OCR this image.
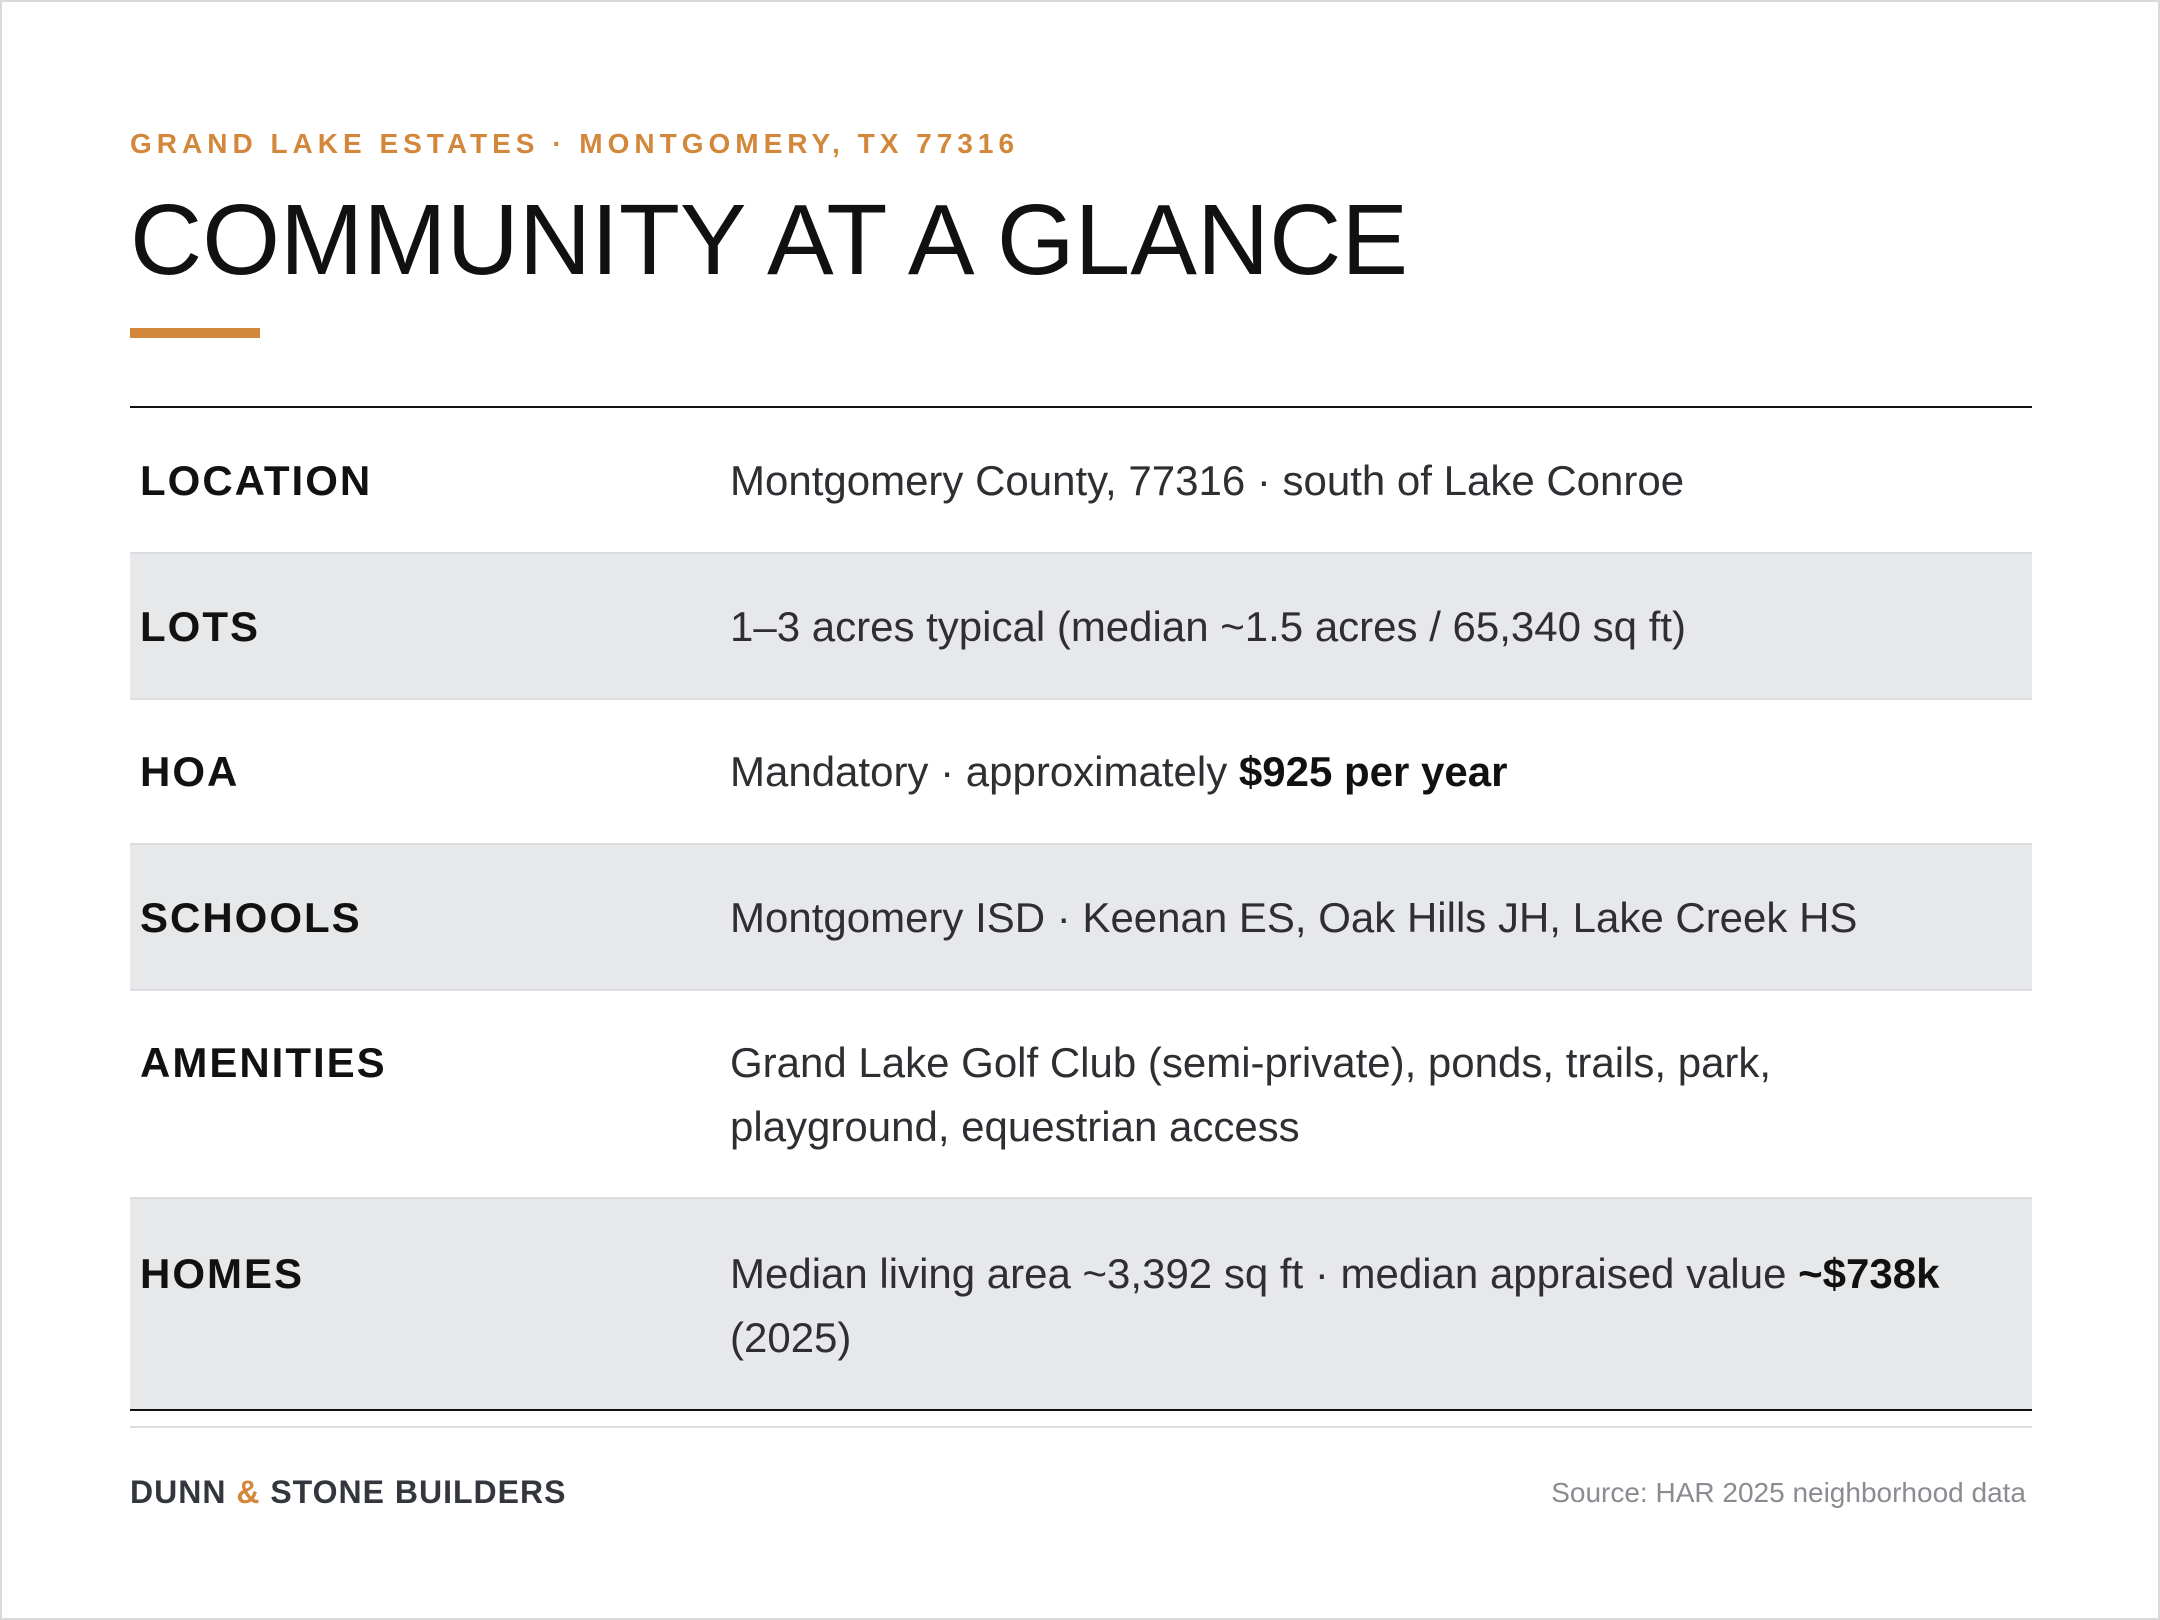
GRAND LAKE ESTATES · MONTGOMERY, TX 77316
COMMUNITY AT A GLANCE
LOCATION	Montgomery County, 77316 · south of Lake Conroe
LOTS	1–3 acres typical (median ~1.5 acres / 65,340 sq ft)
HOA	Mandatory · approximately $925 per year
SCHOOLS	Montgomery ISD · Keenan ES, Oak Hills JH, Lake Creek HS
AMENITIES	Grand Lake Golf Club (semi-private), ponds, trails, park, playground, equestrian access
HOMES	Median living area ~3,392 sq ft · median appraised value ~$738k (2025)
DUNN & STONE BUILDERS	Source: HAR 2025 neighborhood data
